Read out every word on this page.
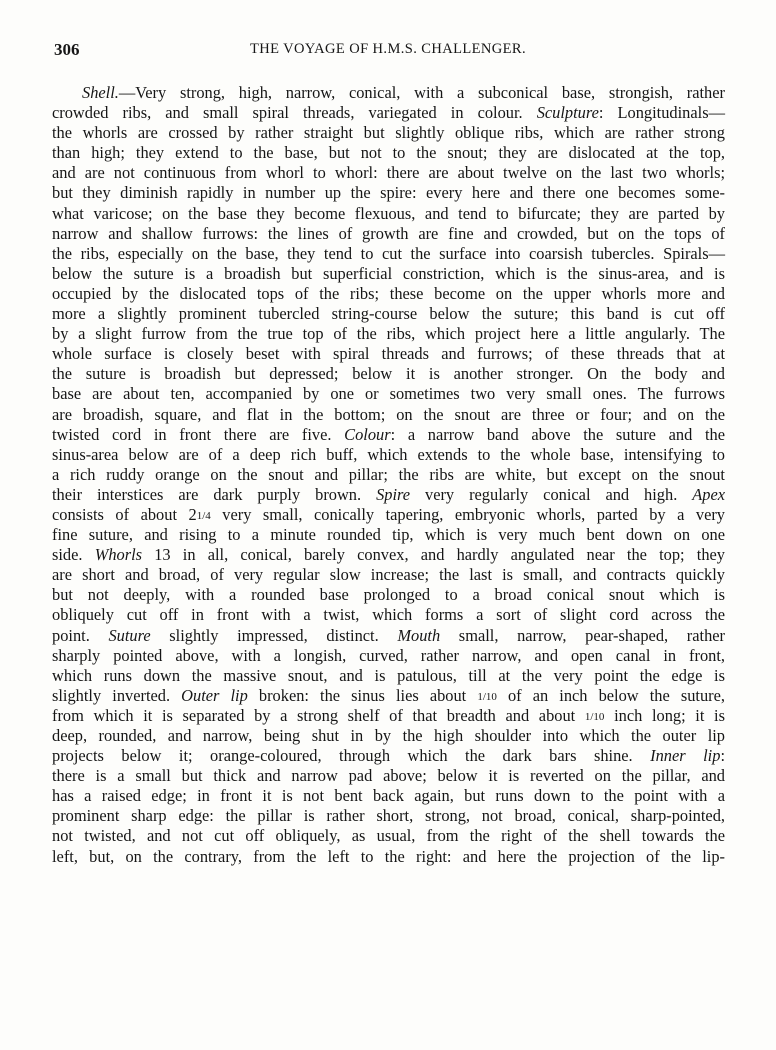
306	THE VOYAGE OF H.M.S. CHALLENGER.
Shell.—Very strong, high, narrow, conical, with a subconical base, strongish, rather
crowded ribs, and small spiral threads, variegated in colour. Sculpture: Longitudinals—
the whorls are crossed by rather straight but slightly oblique ribs, which are rather strong
than high; they extend to the base, but not to the snout; they are dislocated at the top,
and are not continuous from whorl to whorl: there are about twelve on the last two whorls;
but they diminish rapidly in number up the spire: every here and there one becomes some-
what varicose; on the base they become flexuous, and tend to bifurcate; they are parted by
narrow and shallow furrows: the lines of growth are fine and crowded, but on the tops of
the ribs, especially on the base, they tend to cut the surface into coarsish tubercles. Spirals—
below the suture is a broadish but superficial constriction, which is the sinus-area, and is
occupied by the dislocated tops of the ribs; these become on the upper whorls more and
more a slightly prominent tubercled string-course below the suture; this band is cut off
by a slight furrow from the true top of the ribs, which project here a little angularly. The
whole surface is closely beset with spiral threads and furrows; of these threads that at
the suture is broadish but depressed; below it is another stronger. On the body and
base are about ten, accompanied by one or sometimes two very small ones. The furrows
are broadish, square, and flat in the bottom; on the snout are three or four; and on the
twisted cord in front there are five. Colour: a narrow band above the suture and the
sinus-area below are of a deep rich buff, which extends to the whole base, intensifying to
a rich ruddy orange on the snout and pillar; the ribs are white, but except on the snout
their interstices are dark purply brown. Spire very regularly conical and high. Apex
consists of about 21/4 very small, conically tapering, embryonic whorls, parted by a very
fine suture, and rising to a minute rounded tip, which is very much bent down on one
side. Whorls 13 in all, conical, barely convex, and hardly angulated near the top; they
are short and broad, of very regular slow increase; the last is small, and contracts quickly
but not deeply, with a rounded base prolonged to a broad conical snout which is
obliquely cut off in front with a twist, which forms a sort of slight cord across the
point. Suture slightly impressed, distinct. Mouth small, narrow, pear-shaped, rather
sharply pointed above, with a longish, curved, rather narrow, and open canal in front,
which runs down the massive snout, and is patulous, till at the very point the edge is
slightly inverted. Outer lip broken: the sinus lies about 1/10 of an inch below the suture,
from which it is separated by a strong shelf of that breadth and about 1/10 inch long; it is
deep, rounded, and narrow, being shut in by the high shoulder into which the outer lip
projects below it; orange-coloured, through which the dark bars shine. Inner lip:
there is a small but thick and narrow pad above; below it is reverted on the pillar, and
has a raised edge; in front it is not bent back again, but runs down to the point with a
prominent sharp edge: the pillar is rather short, strong, not broad, conical, sharp-pointed,
not twisted, and not cut off obliquely, as usual, from the right of the shell towards the
left, but, on the contrary, from the left to the right: and here the projection of the lip-
